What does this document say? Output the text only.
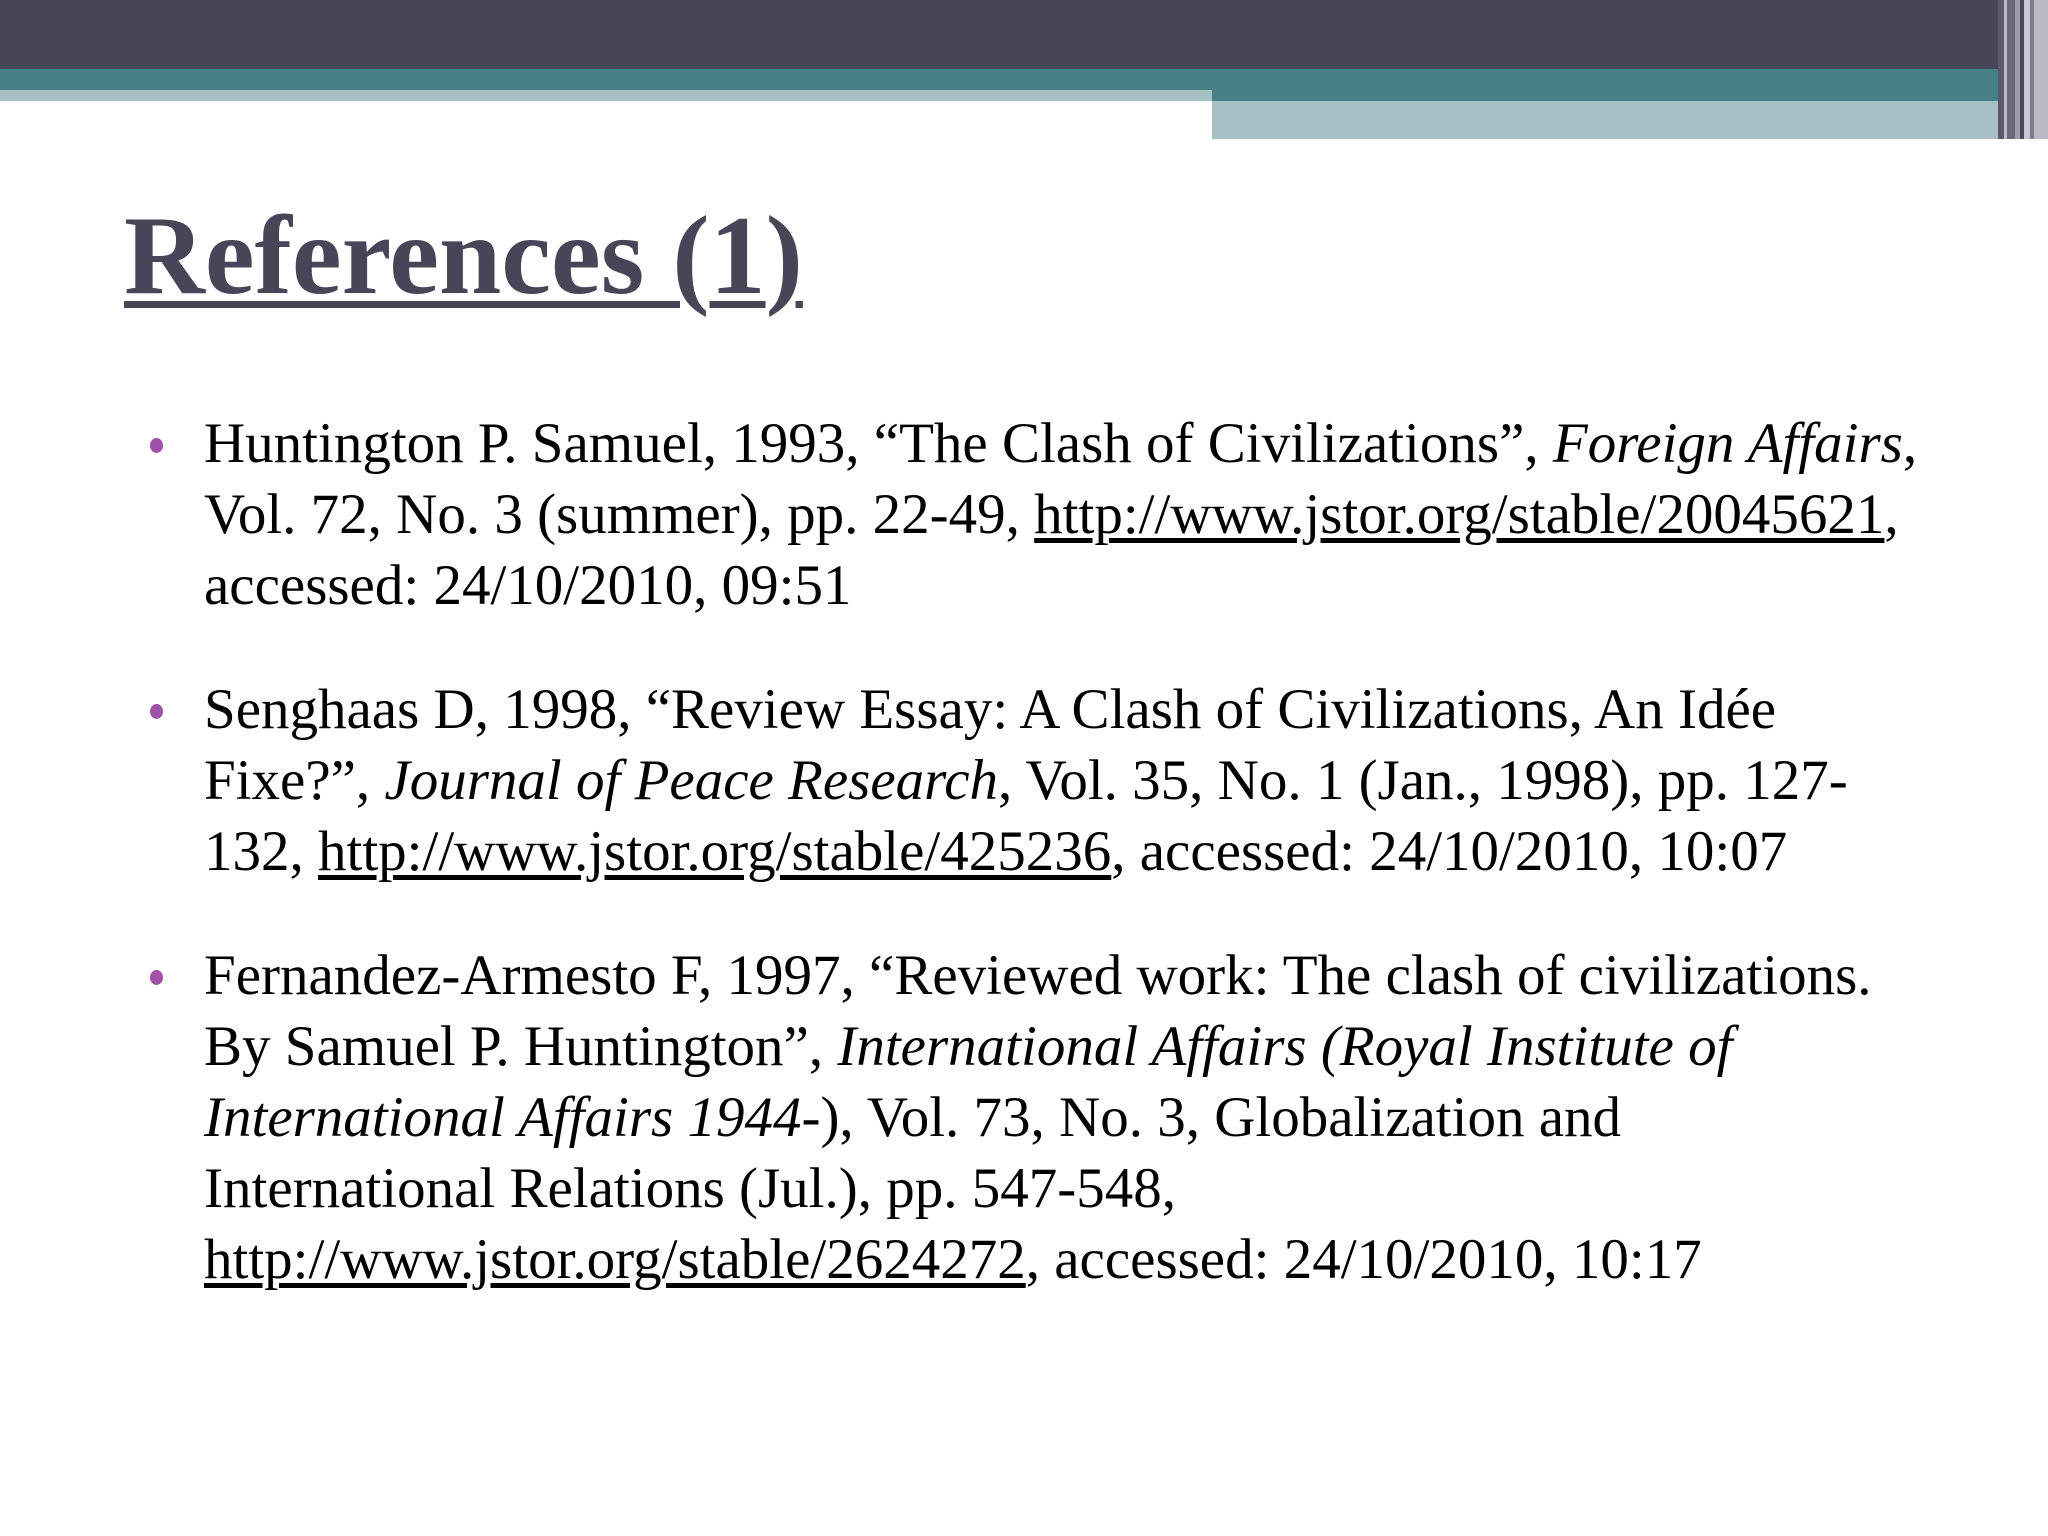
References (1)
Huntington P. Samuel, 1993, “The Clash of Civilizations”, Foreign Affairs, Vol. 72, No. 3 (summer), pp. 22-49, http://www.jstor.org/stable/20045621, accessed: 24/10/2010, 09:51
Senghaas D, 1998, “Review Essay: A Clash of Civilizations, An Idée Fixe?”, Journal of Peace Research, Vol. 35, No. 1 (Jan., 1998), pp. 127-132, http://www.jstor.org/stable/425236, accessed: 24/10/2010, 10:07
Fernandez-Armesto F, 1997, “Reviewed work: The clash of civilizations. By Samuel P. Huntington”, International Affairs (Royal Institute of International Affairs 1944-), Vol. 73, No. 3, Globalization and International Relations (Jul.), pp. 547-548, http://www.jstor.org/stable/2624272, accessed: 24/10/2010, 10:17
